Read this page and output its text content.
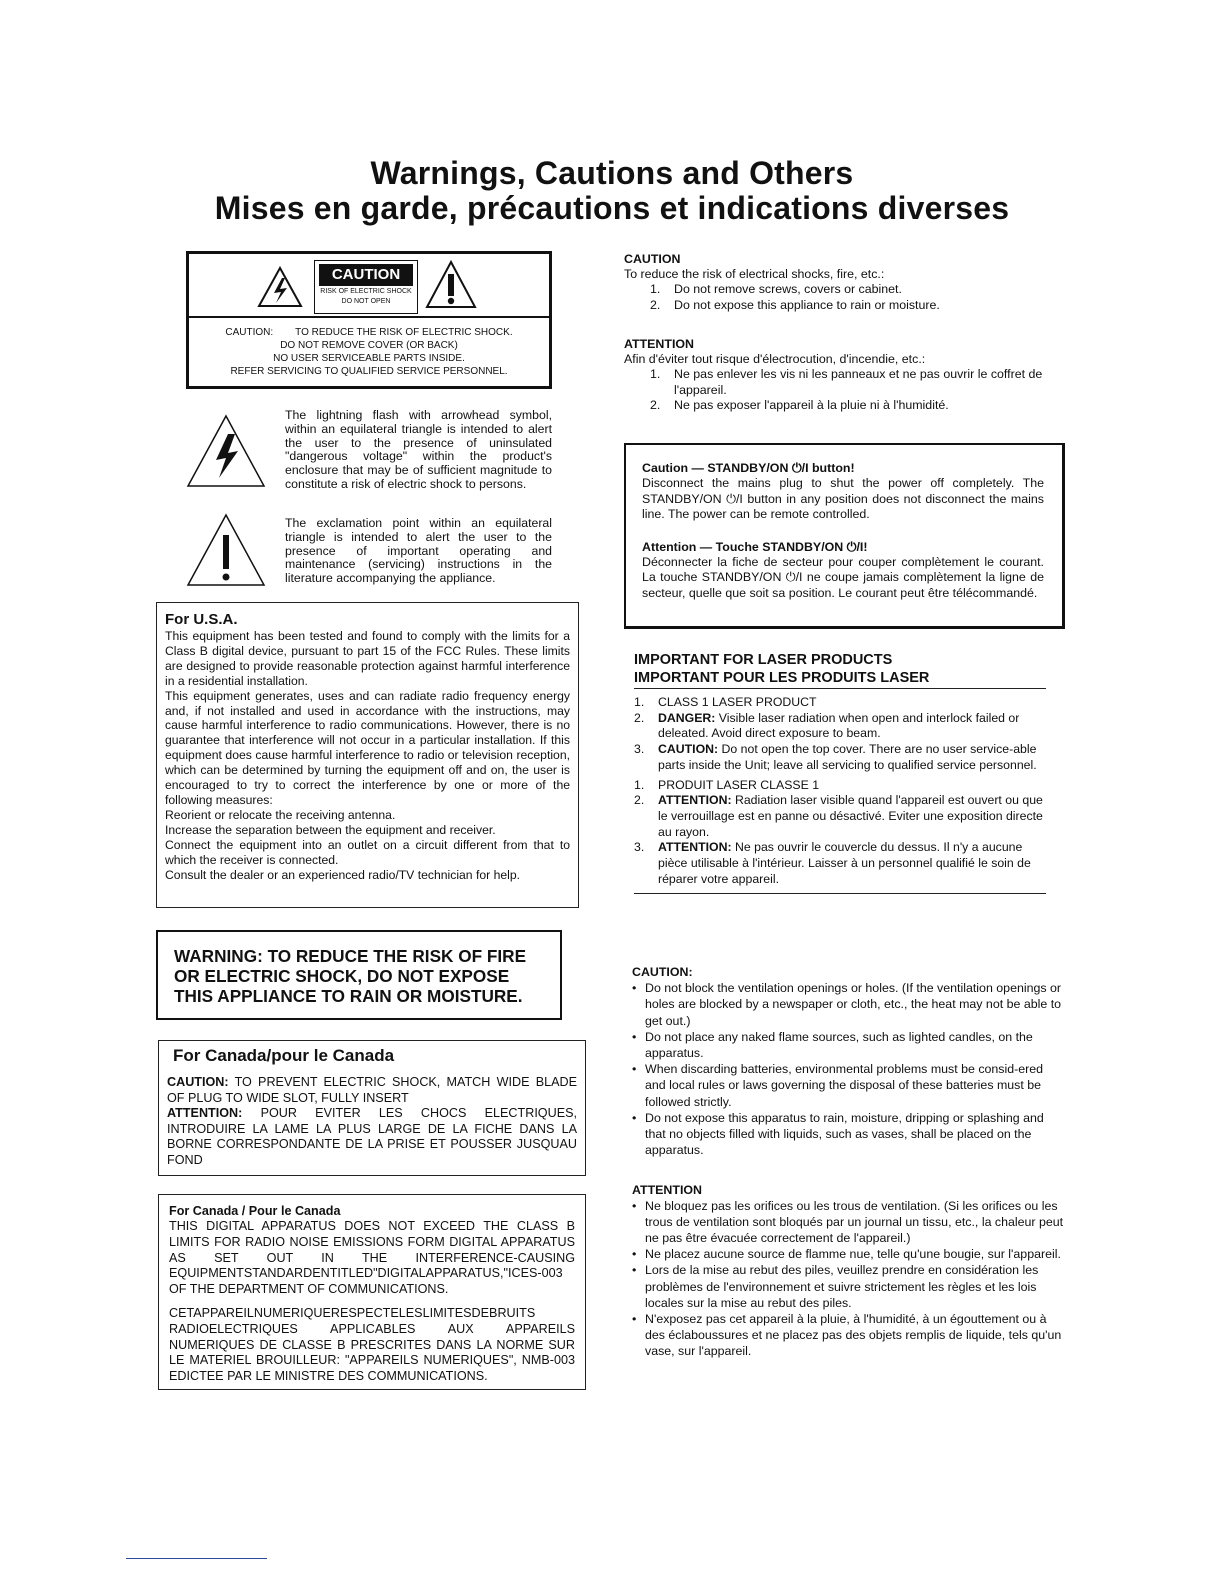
Warnings, Cautions and Others
Mises en garde, précautions et indications diverses
CAUTION
RISK OF ELECTRIC SHOCK
DO NOT OPEN
CAUTION: TO REDUCE THE RISK OF ELECTRIC SHOCK.
DO NOT REMOVE COVER (OR BACK)
NO USER SERVICEABLE PARTS INSIDE.
REFER SERVICING TO QUALIFIED SERVICE PERSONNEL.

The lightning flash with arrowhead symbol, within an equilateral triangle is intended to alert the user to the presence of uninsulated "dangerous voltage" within the product's enclosure that may be of sufficient magnitude to constitute a risk of electric shock to persons.

The exclamation point within an equilateral triangle is intended to alert the user to the presence of important operating and maintenance (servicing) instructions in the literature accompanying the appliance.

For U.S.A.

This equipment has been tested and found to comply with the limits for a Class B digital device, pursuant to part 15 of the FCC Rules. These limits are designed to provide reasonable protection against harmful interference in a residential installation.

This equipment generates, uses and can radiate radio frequency energy and, if not installed and used in accordance with the instructions, may cause harmful interference to radio communications. However, there is no guarantee that interference will not occur in a particular installation. If this equipment does cause harmful interference to radio or television reception, which can be determined by turning the equipment off and on, the user is encouraged to try to correct the interference by one or more of the following measures:

Reorient or relocate the receiving antenna.

Increase the separation between the equipment and receiver.

Connect the equipment into an outlet on a circuit different from that to which the receiver is connected.

Consult the dealer or an experienced radio/TV technician for help.

WARNING: TO REDUCE THE RISK OF FIRE OR ELECTRIC SHOCK, DO NOT EXPOSE THIS APPLIANCE TO RAIN OR MOISTURE.
For Canada/pour le Canada

CAUTION: TO PREVENT ELECTRIC SHOCK, MATCH WIDE BLADE OF PLUG TO WIDE SLOT, FULLY INSERT

ATTENTION: POUR EVITER LES CHOCS ELECTRIQUES, INTRODUIRE LA LAME LA PLUS LARGE DE LA FICHE DANS LA BORNE CORRESPONDANTE DE LA PRISE ET POUSSER JUSQUAU FOND

For Canada / Pour le Canada

THIS DIGITAL APPARATUS DOES NOT EXCEED THE CLASS B LIMITS FOR RADIO NOISE EMISSIONS FORM DIGITAL APPARATUS AS SET OUT IN THE INTERFERENCE-CAUSING EQUIPMENTSTANDARDENTITLED"DIGITALAPPARATUS,"ICES-003 OF THE DEPARTMENT OF COMMUNICATIONS.

CETAPPAREILNUMERIQUERESPECTELESLIMITESDEBRUITS RADIOELECTRIQUES APPLICABLES AUX APPAREILS NUMERIQUES DE CLASSE B PRESCRITES DANS LA NORME SUR LE MATERIEL BROUILLEUR: "APPAREILS NUMERIQUES", NMB-003 EDICTEE PAR LE MINISTRE DES COMMUNICATIONS.

CAUTION

To reduce the risk of electrical shocks, fire, etc.:

1. Do not remove screws, covers or cabinet.
2. Do not expose this appliance to rain or moisture.
ATTENTION

Afin d'éviter tout risque d'électrocution, d'incendie, etc.:

1. Ne pas enlever les vis ni les panneaux et ne pas ouvrir le coffret de l'appareil.
2. Ne pas exposer l'appareil à la pluie ni à l'humidité.
Caution — STANDBY/ON ⏻/I button!

Disconnect the mains plug to shut the power off completely. The STANDBY/ON ⏻/I button in any position does not disconnect the mains line. The power can be remote controlled.

Attention — Touche STANDBY/ON ⏻/I!

Déconnecter la fiche de secteur pour couper complètement le courant. La touche STANDBY/ON ⏻/I ne coupe jamais complètement la ligne de secteur, quelle que soit sa position. Le courant peut être télécommandé.

IMPORTANT FOR LASER PRODUCTS
IMPORTANT POUR LES PRODUITS LASER
1. CLASS 1 LASER PRODUCT
2. DANGER: Visible laser radiation when open and interlock failed or deleated. Avoid direct exposure to beam.
3. CAUTION: Do not open the top cover. There are no user service-able parts inside the Unit; leave all servicing to qualified service personnel.
1. PRODUIT LASER CLASSE 1
2. ATTENTION: Radiation laser visible quand l'appareil est ouvert ou que le verrouillage est en panne ou désactivé. Eviter une exposition directe au rayon.
3. ATTENTION: Ne pas ouvrir le couvercle du dessus. Il n'y a aucune pièce utilisable à l'intérieur. Laisser à un personnel qualifié le soin de réparer votre appareil.
CAUTION:
• Do not block the ventilation openings or holes. (If the ventilation openings or holes are blocked by a newspaper or cloth, etc., the heat may not be able to get out.)
• Do not place any naked flame sources, such as lighted candles, on the apparatus.
• When discarding batteries, environmental problems must be consid-ered and local rules or laws governing the disposal of these batteries must be followed strictly.
• Do not expose this apparatus to rain, moisture, dripping or splashing and that no objects filled with liquids, such as vases, shall be placed on the apparatus.
ATTENTION
• Ne bloquez pas les orifices ou les trous de ventilation. (Si les orifices ou les trous de ventilation sont bloqués par un journal un tissu, etc., la chaleur peut ne pas être évacuée correctement de l'appareil.)
• Ne placez aucune source de flamme nue, telle qu'une bougie, sur l'appareil.
• Lors de la mise au rebut des piles, veuillez prendre en considération les problèmes de l'environnement et suivre strictement les règles et les lois locales sur la mise au rebut des piles.
• N'exposez pas cet appareil à la pluie, à l'humidité, à un égouttement ou à des éclaboussures et ne placez pas des objets remplis de liquide, tels qu'un vase, sur l'appareil.
